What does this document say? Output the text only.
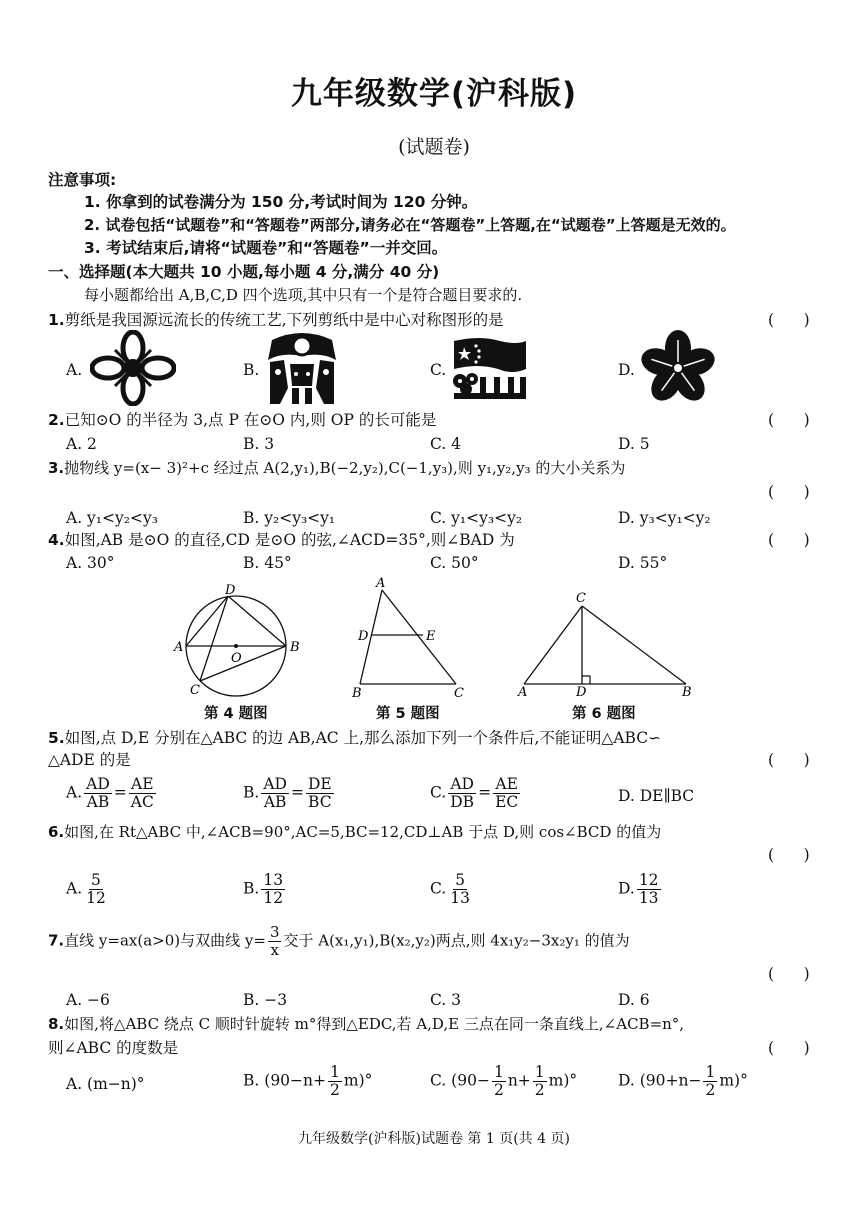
九年级数学(沪科版)
(试题卷)
注意事项:
1. 你拿到的试卷满分为 150 分,考试时间为 120 分钟。
2. 试卷包括“试题卷”和“答题卷”两部分,请务必在“答题卷”上答题,在“试题卷”上答题是无效的。
3. 考试结束后,请将“试题卷”和“答题卷”一并交回。
一、选择题(本大题共 10 小题,每小题 4 分,满分 40 分)
每小题都给出 A,B,C,D 四个选项,其中只有一个是符合题目要求的.
1.剪纸是我国源远流长的传统工艺,下列剪纸中是中心对称图形的是	(      )
A.	B.	C.	D.
2.已知⊙O 的半径为 3,点 P 在⊙O 内,则 OP 的长可能是	(      )
A. 2	B. 3	C. 4	D. 5
3.抛物线 y=(x− 3)²+c 经过点 A(2,y₁),B(−2,y₂),C(−1,y₃),则 y₁,y₂,y₃ 的大小关系为
(      )
A. y₁<y₂<y₃	B. y₂<y₃<y₁	C. y₁<y₃<y₂	D. y₃<y₁<y₂
4.如图,AB 是⊙O 的直径,CD 是⊙O 的弦,∠ACD=35°,则∠BAD 为	(      )
A. 30°	B. 45°	C. 50°	D. 55°
D
A
O
B
C
第 4 题图
A
D	E
B	C
第 5 题图
C
A	D	B
第 6 题图
5.如图,点 D,E 分别在△ABC 的边 AB,AC 上,那么添加下列一个条件后,不能证明△ABC∽
△ADE 的是	(      )
A. $\frac{AD}{AB} = \frac{AE}{AC}$	B. $\frac{AD}{AB} = \frac{DE}{BC}$	C. $\frac{AD}{DB} = \frac{AE}{EC}$	D. DE∥BC
6.如图,在 Rt△ABC 中,∠ACB=90°,AC=5,BC=12,CD⊥AB 于点 D,则 cos∠BCD 的值为
(      )
A. $\frac{5}{12}$	B. $\frac{13}{12}$	C. $\frac{5}{13}$	D. $\frac{12}{13}$
7.直线 y=ax(a>0)与双曲线 $y= \frac{3}{x}$ 交于 A(x₁,y₁),B(x₂,y₂)两点,则 4x₁y₂−3x₂y₁ 的值为
(      )
A. −6	B. −3	C. 3	D. 6
8.如图,将△ABC 绕点 C 顺时针旋转 m°得到△EDC,若 A,D,E 三点在同一条直线上,∠ACB=n°,
则∠ABC 的度数是	(      )
A. (m−n)°	B. $(90-n+ \frac{1}{2} m)^\circ$	C. $(90- \frac{1}{2} n+ \frac{1}{2} m)^\circ$	D. $(90+n- \frac{1}{2} m)^\circ$
九年级数学(沪科版)试题卷 第 1 页(共 4 页)
